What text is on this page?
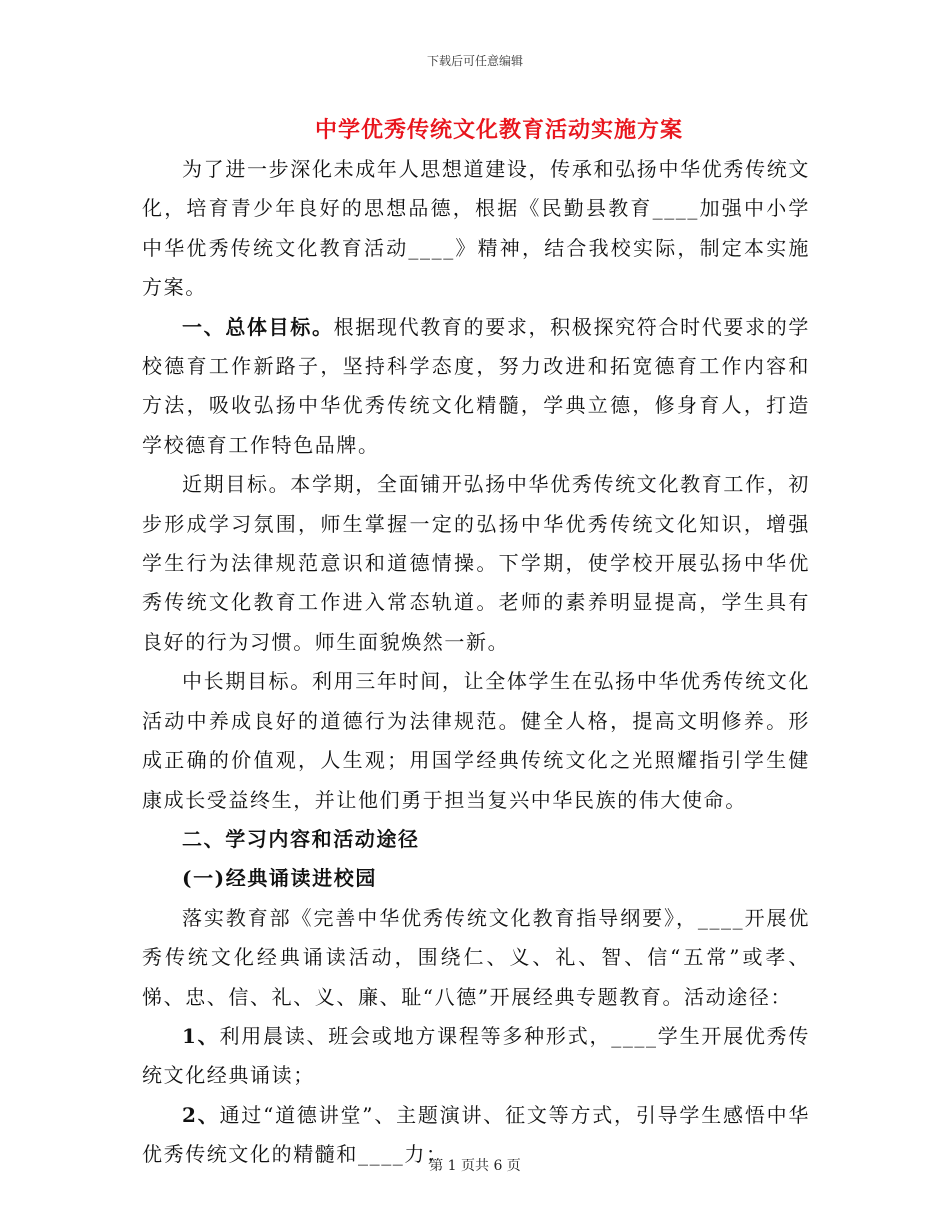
下载后可任意编辑
中学优秀传统文化教育活动实施方案

为了进一步深化未成年人思想道建设，传承和弘扬中华优秀传统文化，培育青少年良好的思想品德，根据《民勤县教育____加强中小学中华优秀传统文化教育活动____》精神，结合我校实际，制定本实施方案。

一、总体目标。根据现代教育的要求，积极探究符合时代要求的学校德育工作新路子，坚持科学态度，努力改进和拓宽德育工作内容和方法，吸收弘扬中华优秀传统文化精髓，学典立德，修身育人，打造学校德育工作特色品牌。

近期目标。本学期，全面铺开弘扬中华优秀传统文化教育工作，初步形成学习氛围，师生掌握一定的弘扬中华优秀传统文化知识，增强学生行为法律规范意识和道德情操。下学期，使学校开展弘扬中华优秀传统文化教育工作进入常态轨道。老师的素养明显提高，学生具有良好的行为习惯。师生面貌焕然一新。

中长期目标。利用三年时间，让全体学生在弘扬中华优秀传统文化活动中养成良好的道德行为法律规范。健全人格，提高文明修养。形成正确的价值观，人生观；用国学经典传统文化之光照耀指引学生健康成长受益终生，并让他们勇于担当复兴中华民族的伟大使命。

二、学习内容和活动途径

(一)经典诵读进校园

落实教育部《完善中华优秀传统文化教育指导纲要》，____开展优秀传统文化经典诵读活动，围绕仁、义、礼、智、信“五常”或孝、悌、忠、信、礼、义、廉、耻“八德”开展经典专题教育。活动途径：

1、利用晨读、班会或地方课程等多种形式，____学生开展优秀传统文化经典诵读；

2、通过“道德讲堂”、主题演讲、征文等方式，引导学生感悟中华优秀传统文化的精髓和____力；

第 1 页共 6 页
